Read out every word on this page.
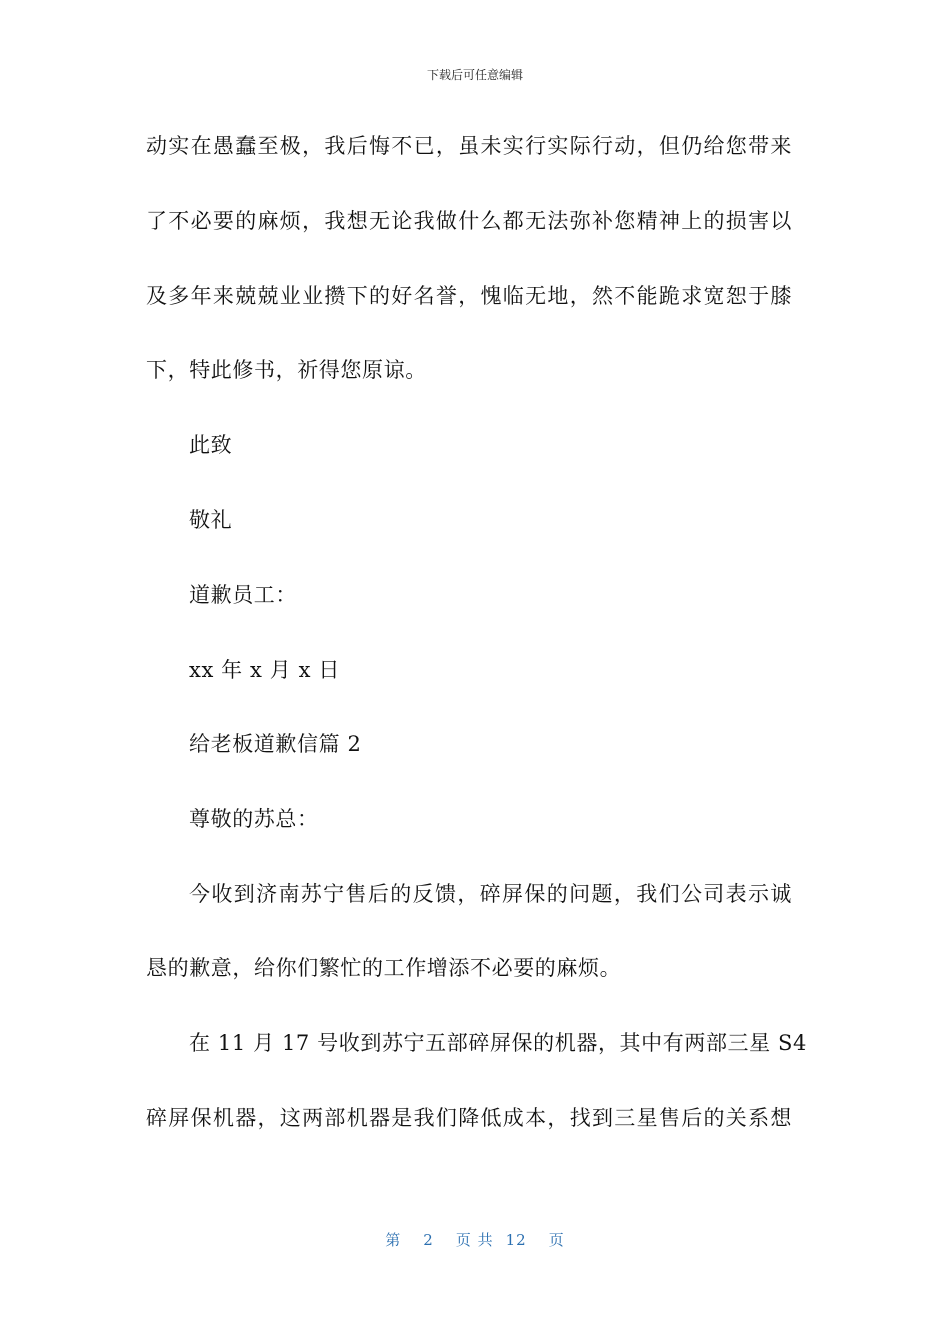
下载后可任意编辑
动实在愚蠢至极，我后悔不已，虽未实行实际行动，但仍给您带来
了不必要的麻烦，我想无论我做什么都无法弥补您精神上的损害以
及多年来兢兢业业攒下的好名誉，愧临无地，然不能跪求宽恕于膝
下，特此修书，祈得您原谅。
此致
敬礼
道歉员工：
xx 年 x 月 x 日
给老板道歉信篇 2
尊敬的苏总：
今收到济南苏宁售后的反馈，碎屏保的问题，我们公司表示诚
恳的歉意，给你们繁忙的工作增添不必要的麻烦。
在 11 月 17 号收到苏宁五部碎屏保的机器，其中有两部三星 S4
碎屏保机器，这两部机器是我们降低成本，找到三星售后的关系想
第 2 页 共 12 页
